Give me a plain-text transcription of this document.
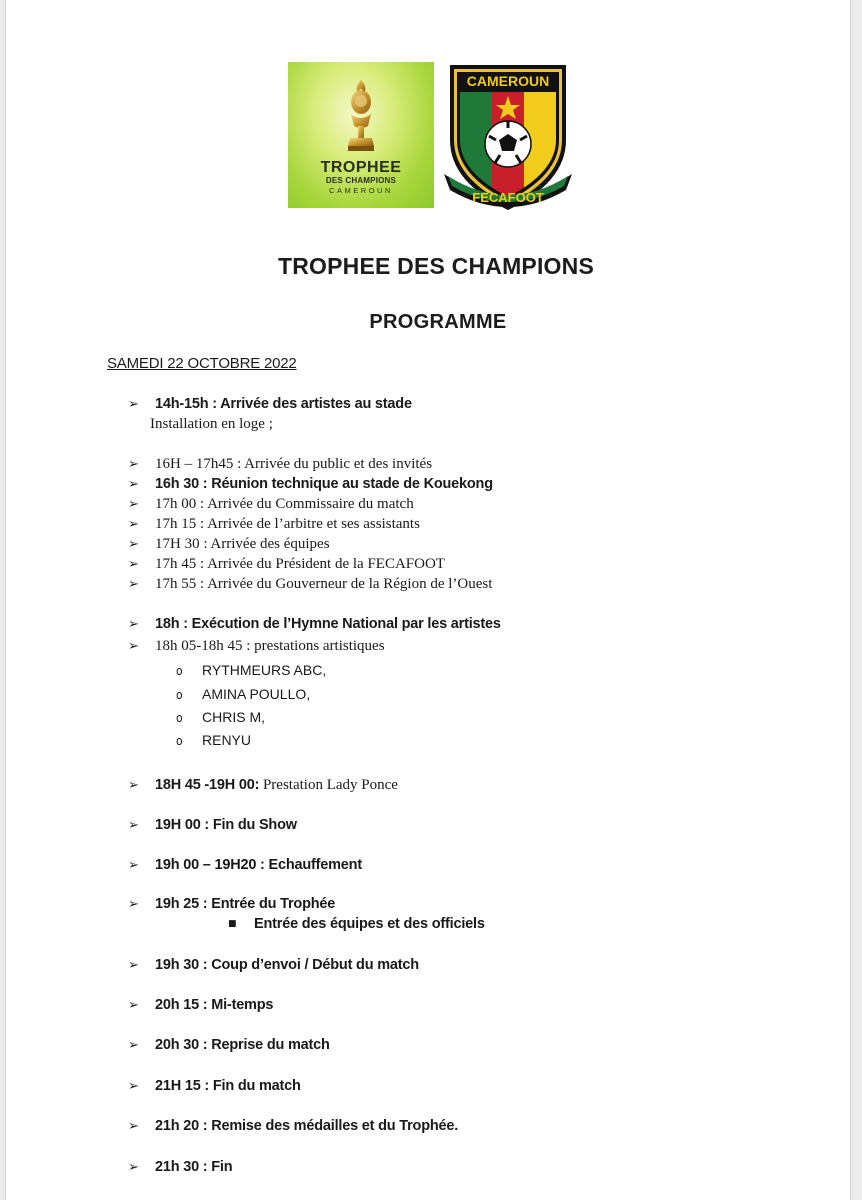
TROPHEE
DES CHAMPIONS
CAMEROUN
CAMEROUN
FECAFOOT
TROPHEE DES CHAMPIONS
PROGRAMME
SAMEDI 22 OCTOBRE 2022
➢ 14h-15h : Arrivée des artistes au stade
Installation en loge ;
➢ 16H – 17h45 : Arrivée du public et des invités
➢ 16h 30 : Réunion technique au stade de Kouekong
➢ 17h 00 : Arrivée du Commissaire du match
➢ 17h 15 : Arrivée de l’arbitre et ses assistants
➢ 17H 30 : Arrivée des équipes
➢ 17h 45 : Arrivée du Président de la FECAFOOT
➢ 17h 55 : Arrivée du Gouverneur de la Région de l’Ouest
➢ 18h : Exécution de l’Hymne National par les artistes
➢ 18h 05-18h 45 : prestations artistiques
o RYTHMEURS ABC,
o AMINA POULLO,
o CHRIS M,
o RENYU
➢ 18H 45 -19H 00: Prestation Lady Ponce
➢ 19H 00 : Fin du Show
➢ 19h 00 – 19H20 : Echauffement
➢ 19h 25 : Entrée du Trophée
■ Entrée des équipes et des officiels
➢ 19h 30 : Coup d’envoi / Début du match
➢ 20h 15 : Mi-temps
➢ 20h 30 : Reprise du match
➢ 21H 15 : Fin du match
➢ 21h 20 : Remise des médailles et du Trophée.
➢ 21h 30 : Fin
